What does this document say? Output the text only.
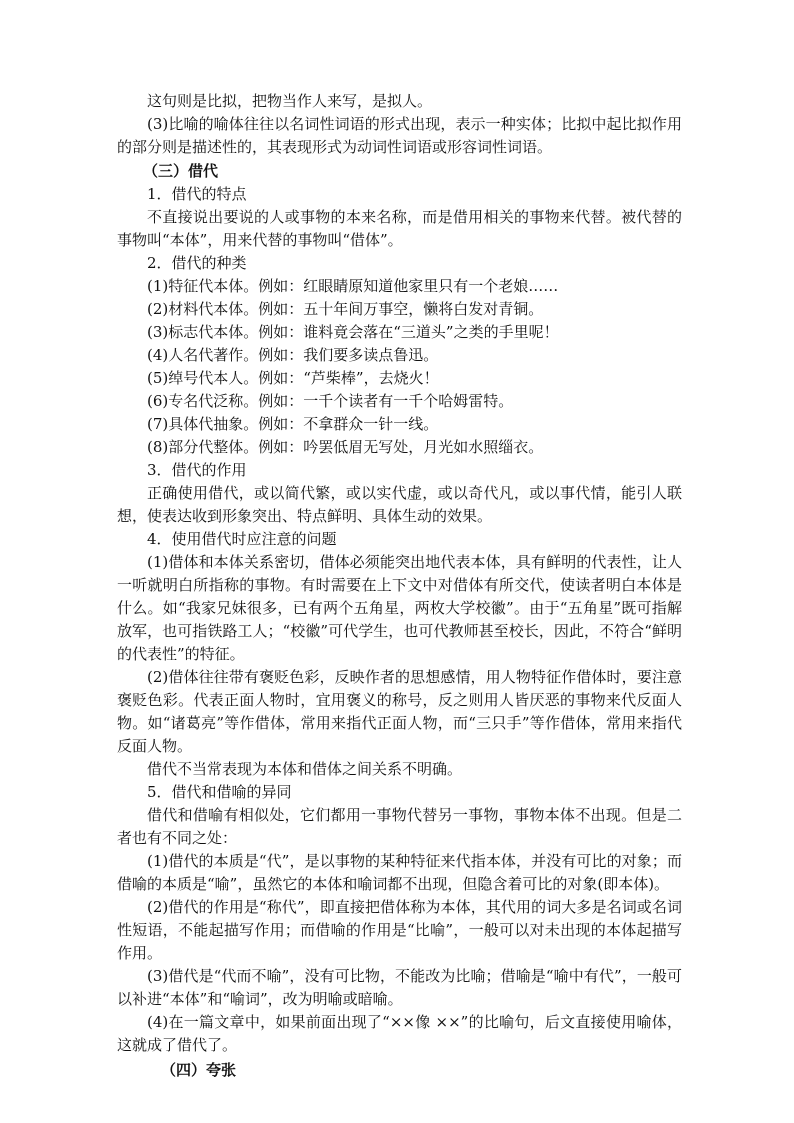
这句则是比拟，把物当作人来写，是拟人。

(3)比喻的喻体往往以名词性词语的形式出现，表示一种实体；比拟中起比拟作用的部分则是描述性的，其表现形式为动词性词语或形容词性词语。

（三）借代

1．借代的特点

不直接说出要说的人或事物的本来名称，而是借用相关的事物来代替。被代替的事物叫“本体”，用来代替的事物叫“借体”。

2．借代的种类

(1)特征代本体。例如：红眼睛原知道他家里只有一个老娘……

(2)材料代本体。例如：五十年间万事空，懒将白发对青铜。

(3)标志代本体。例如：谁料竟会落在“三道头”之类的手里呢！

(4)人名代著作。例如：我们要多读点鲁迅。

(5)绰号代本人。例如：“芦柴棒”，去烧火！

(6)专名代泛称。例如：一千个读者有一千个哈姆雷特。

(7)具体代抽象。例如：不拿群众一针一线。

(8)部分代整体。例如：吟罢低眉无写处，月光如水照缁衣。

3．借代的作用

正确使用借代，或以简代繁，或以实代虚，或以奇代凡，或以事代情，能引人联想，使表达收到形象突出、特点鲜明、具体生动的效果。

4．使用借代时应注意的问题

(1)借体和本体关系密切，借体必须能突出地代表本体，具有鲜明的代表性，让人一听就明白所指称的事物。有时需要在上下文中对借体有所交代，使读者明白本体是什么。如“我家兄妹很多，已有两个五角星，两枚大学校徽”。由于“五角星”既可指解放军，也可指铁路工人；“校徽”可代学生，也可代教师甚至校长，因此，不符合“鲜明的代表性”的特征。

(2)借体往往带有褒贬色彩，反映作者的思想感情，用人物特征作借体时，要注意褒贬色彩。代表正面人物时，宜用褒义的称号，反之则用人皆厌恶的事物来代反面人物。如“诸葛亮”等作借体，常用来指代正面人物，而“三只手”等作借体，常用来指代反面人物。

借代不当常表现为本体和借体之间关系不明确。

5．借代和借喻的异同

借代和借喻有相似处，它们都用一事物代替另一事物，事物本体不出现。但是二者也有不同之处：

(1)借代的本质是“代”，是以事物的某种特征来代指本体，并没有可比的对象；而借喻的本质是“喻”，虽然它的本体和喻词都不出现，但隐含着可比的对象(即本体)。

(2)借代的作用是“称代”，即直接把借体称为本体，其代用的词大多是名词或名词性短语，不能起描写作用；而借喻的作用是“比喻”，一般可以对未出现的本体起描写作用。

(3)借代是“代而不喻”，没有可比物，不能改为比喻；借喻是“喻中有代”，一般可以补进“本体”和“喻词”，改为明喻或暗喻。

(4)在一篇文章中，如果前面出现了“××像 ××”的比喻句，后文直接使用喻体，这就成了借代了。

（四）夸张
